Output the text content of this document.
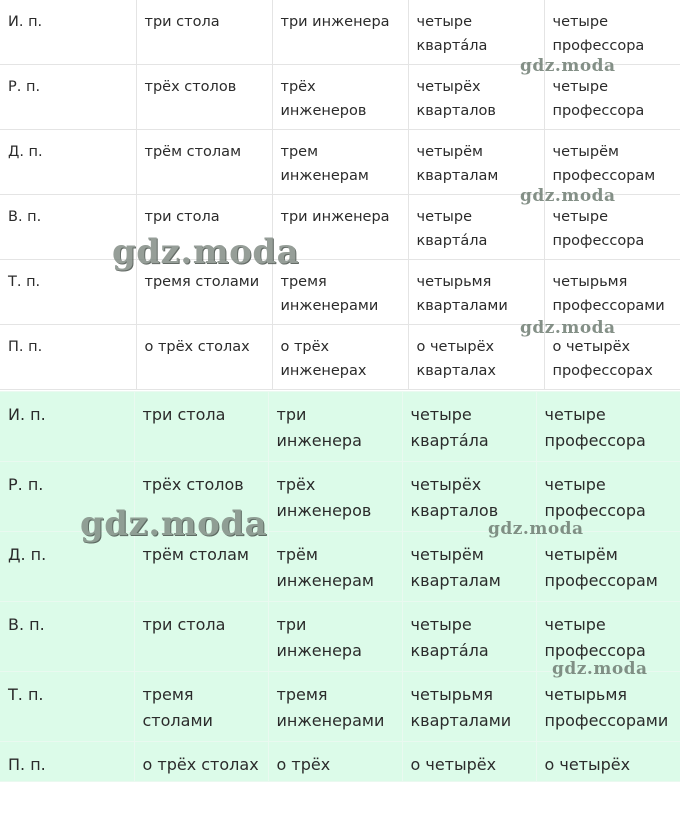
И. п.	три стола	три инженера	четыре квартáла	четыре профессора
Р. п.	трёх столов	трёх инженеров	четырёх кварталов	четыре профессора
Д. п.	трём столам	трем инженерам	четырём кварталам	четырём профессорам
В. п.	три стола	три инженера	четыре квартáла	четыре профессора
Т. п.	тремя столами	тремя инженерами	четырьмя кварталами	четырьмя профессорами
П. п.	о трёх столах	о трёх инженерах	о четырёх кварталах	о четырёх профессорах
И. п.	три стола	три инженера	четыре квартáла	четыре профессора
Р. п.	трёх столов	трёх инженеров	четырёх кварталов	четыре профессора
Д. п.	трём столам	трём инженерам	четырём кварталам	четырём профессорам
В. п.	три стола	три инженера	четыре квартáла	четыре профессора
Т. п.	тремя столами	тремя инженерами	четырьмя кварталами	четырьмя профессорами
П. п.	о трёх столах	о трёх	о четырёх	о четырёх
gdz.moda
gdz.moda
gdz.moda
gdz.moda
gdz.moda	gdz.moda
gdz.moda
